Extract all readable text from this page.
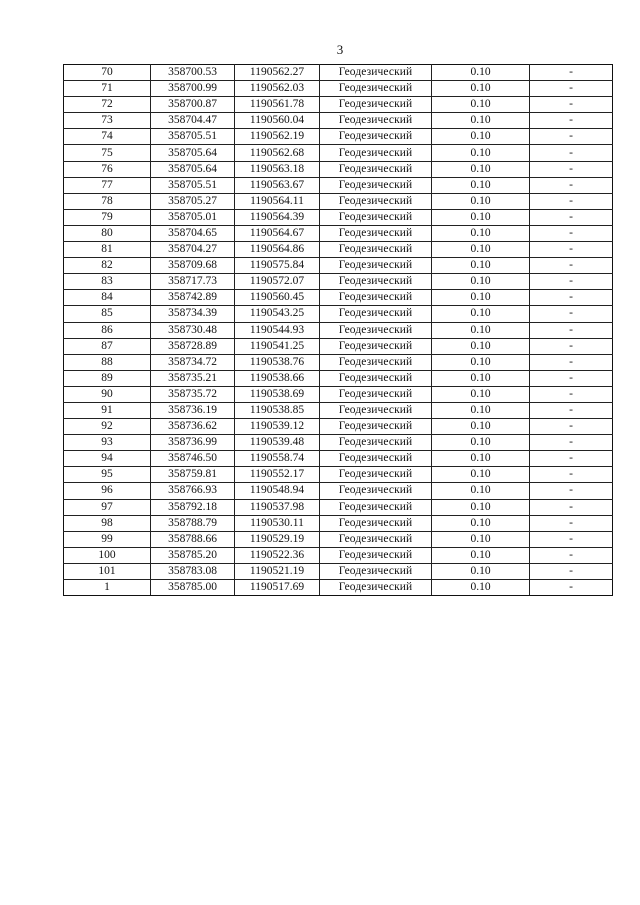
3
70	358700.53	1190562.27	Геодезический	0.10	-
71	358700.99	1190562.03	Геодезический	0.10	-
72	358700.87	1190561.78	Геодезический	0.10	-
73	358704.47	1190560.04	Геодезический	0.10	-
74	358705.51	1190562.19	Геодезический	0.10	-
75	358705.64	1190562.68	Геодезический	0.10	-
76	358705.64	1190563.18	Геодезический	0.10	-
77	358705.51	1190563.67	Геодезический	0.10	-
78	358705.27	1190564.11	Геодезический	0.10	-
79	358705.01	1190564.39	Геодезический	0.10	-
80	358704.65	1190564.67	Геодезический	0.10	-
81	358704.27	1190564.86	Геодезический	0.10	-
82	358709.68	1190575.84	Геодезический	0.10	-
83	358717.73	1190572.07	Геодезический	0.10	-
84	358742.89	1190560.45	Геодезический	0.10	-
85	358734.39	1190543.25	Геодезический	0.10	-
86	358730.48	1190544.93	Геодезический	0.10	-
87	358728.89	1190541.25	Геодезический	0.10	-
88	358734.72	1190538.76	Геодезический	0.10	-
89	358735.21	1190538.66	Геодезический	0.10	-
90	358735.72	1190538.69	Геодезический	0.10	-
91	358736.19	1190538.85	Геодезический	0.10	-
92	358736.62	1190539.12	Геодезический	0.10	-
93	358736.99	1190539.48	Геодезический	0.10	-
94	358746.50	1190558.74	Геодезический	0.10	-
95	358759.81	1190552.17	Геодезический	0.10	-
96	358766.93	1190548.94	Геодезический	0.10	-
97	358792.18	1190537.98	Геодезический	0.10	-
98	358788.79	1190530.11	Геодезический	0.10	-
99	358788.66	1190529.19	Геодезический	0.10	-
100	358785.20	1190522.36	Геодезический	0.10	-
101	358783.08	1190521.19	Геодезический	0.10	-
1	358785.00	1190517.69	Геодезический	0.10	-
